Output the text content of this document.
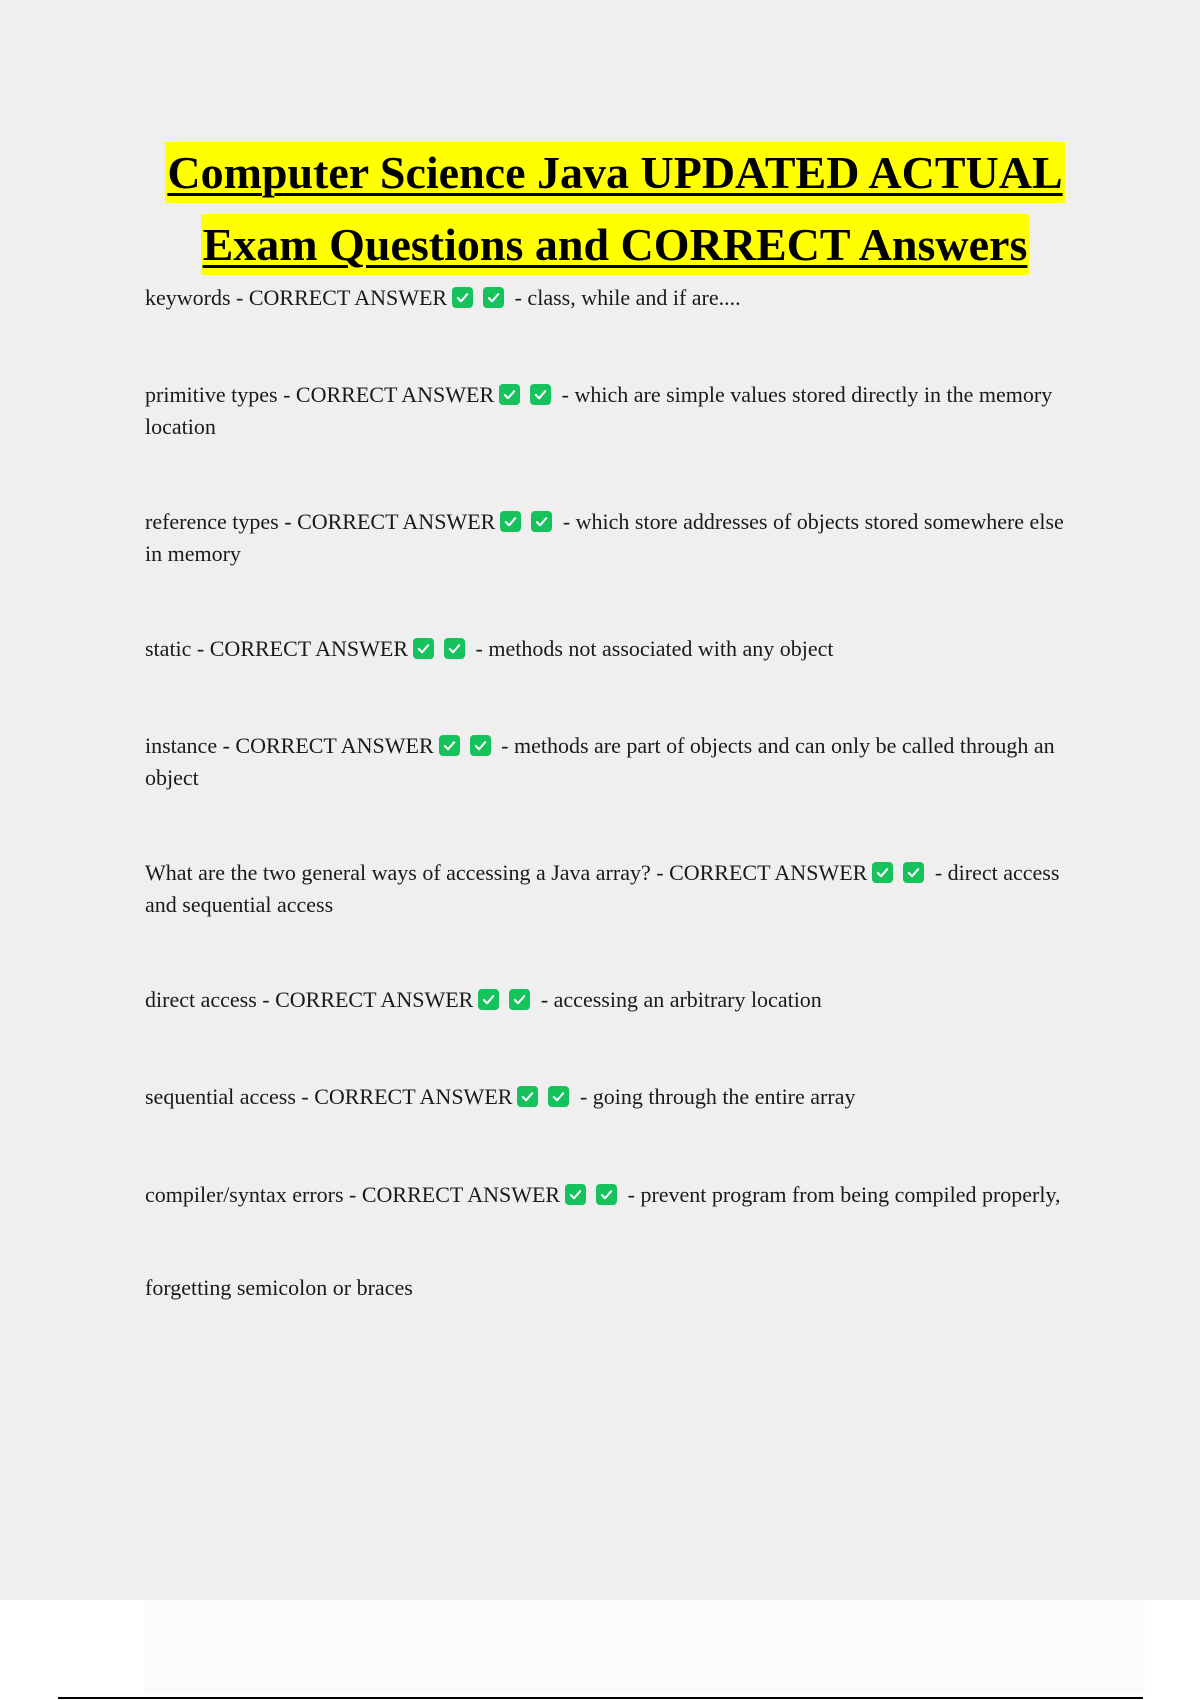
Computer Science Java UPDATED ACTUAL
Exam Questions and CORRECT Answers

keywords - CORRECT ANSWER	- class, while and if are....

primitive types - CORRECT ANSWER	- which are simple values stored directly in the memory location

reference types - CORRECT ANSWER	- which store addresses of objects stored somewhere else in memory

static - CORRECT ANSWER	- methods not associated with any object

instance - CORRECT ANSWER	- methods are part of objects and can only be called through an object

What are the two general ways of accessing a Java array? - CORRECT ANSWER	- direct access and sequential access

direct access - CORRECT ANSWER	- accessing an arbitrary location

sequential access - CORRECT ANSWER	- going through the entire array

compiler/syntax errors - CORRECT ANSWER	- prevent program from being compiled properly,

forgetting semicolon or braces
